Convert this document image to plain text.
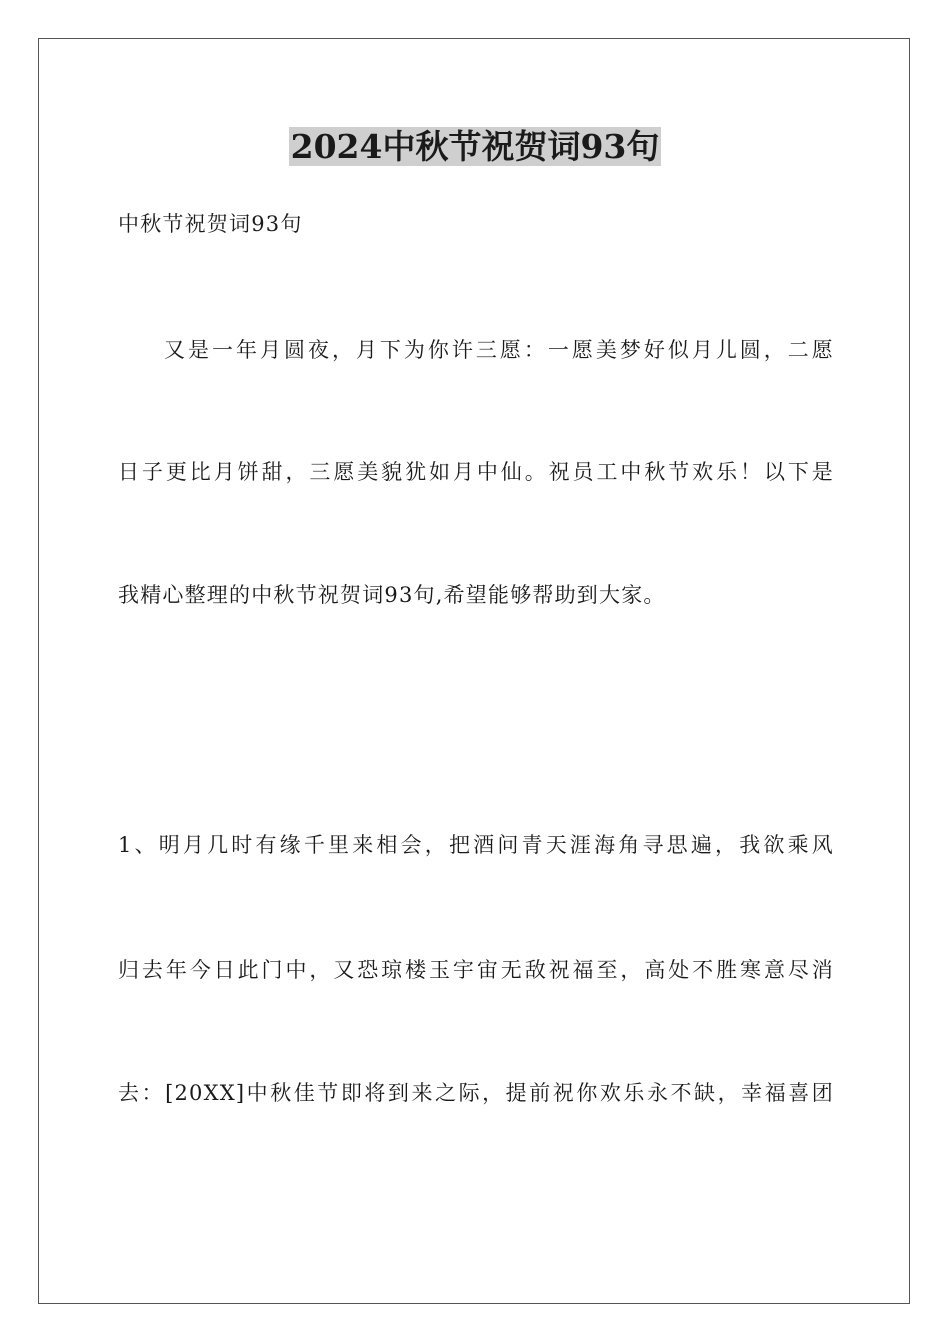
2024中秋节祝贺词93句
中秋节祝贺词93句
又是一年月圆夜，月下为你许三愿：一愿美梦好似月儿圆，二愿
日子更比月饼甜，三愿美貌犹如月中仙。祝员工中秋节欢乐！以下是
我精心整理的中秋节祝贺词93句,希望能够帮助到大家。
1、明月几时有缘千里来相会，把酒问青天涯海角寻思遍，我欲乘风
归去年今日此门中，又恐琼楼玉宇宙无敌祝福至，高处不胜寒意尽消
去：[20XX]中秋佳节即将到来之际，提前祝你欢乐永不缺，幸福喜团
